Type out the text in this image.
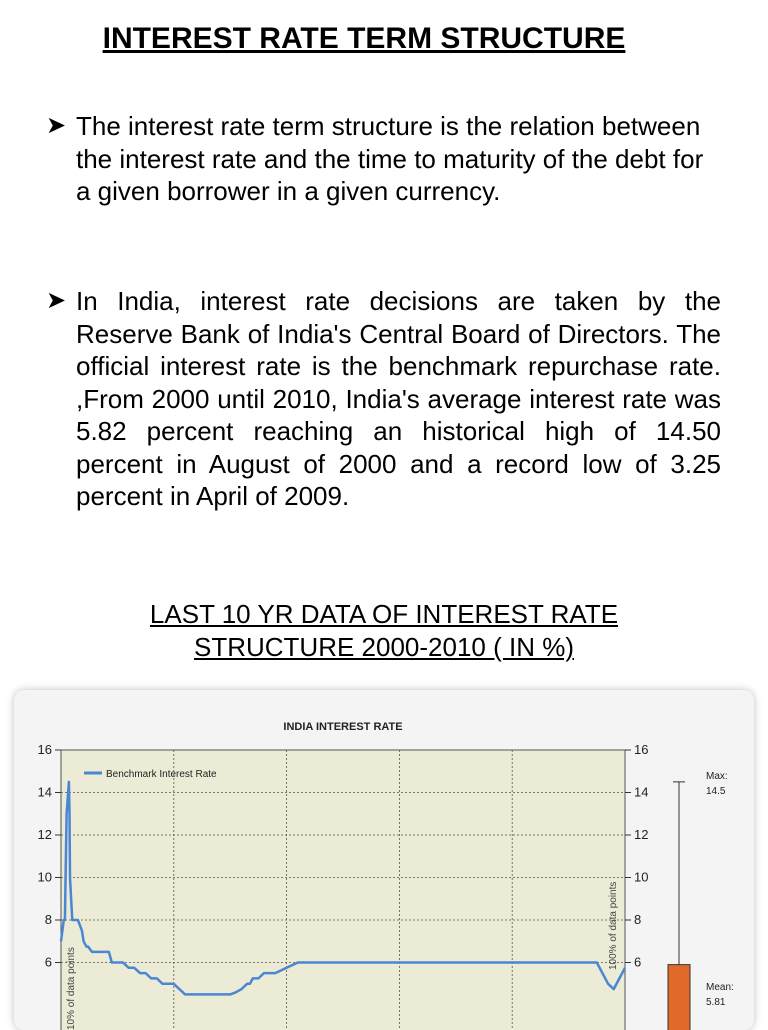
INTEREST RATE TERM STRUCTURE
➤ The interest rate term structure is the relation between the interest rate and the time to maturity of the debt for a given borrower in a given currency.
➤ In India, interest rate decisions are taken by the Reserve Bank of India's Central Board of Directors. The official interest rate is the benchmark repurchase rate. ,From 2000 until 2010, India's average interest rate was 5.82 percent reaching an historical high of 14.50 percent in August of 2000 and a record low of 3.25 percent in April of 2009.
LAST 10 YR DATA OF INTEREST RATE
STRUCTURE 2000-2010 ( IN %)
INDIA INTEREST RATE
16	16
14	14
12	12
10	10
8	8
6	6
Benchmark Interest Rate
100% of data points
10% of data points
Max:
14.5
Mean:
5.81
